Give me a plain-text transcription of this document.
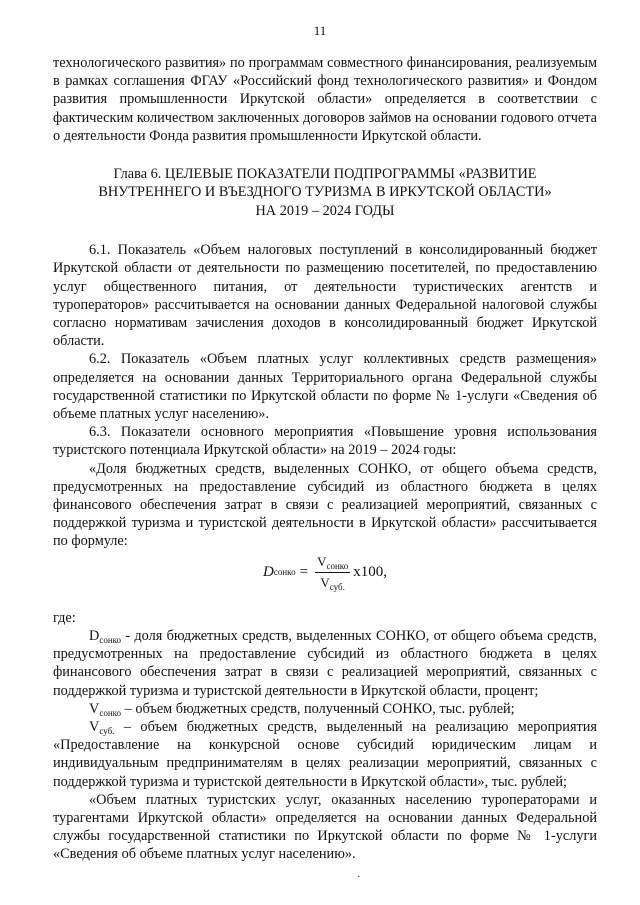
11

технологического развития» по программам совместного финансирования, реализуемым в рамках соглашения ФГАУ «Российский фонд технологического развития» и Фондом развития промышленности Иркутской области» определяется в соответствии с фактическим количеством заключенных договоров займов на основании годового отчета о деятельности Фонда развития промышленности Иркутской области.

Глава 6. ЦЕЛЕВЫЕ ПОКАЗАТЕЛИ ПОДПРОГРАММЫ «РАЗВИТИЕ
ВНУТРЕННЕГО И ВЪЕЗДНОГО ТУРИЗМА В ИРКУТСКОЙ ОБЛАСТИ»
НА 2019 – 2024 ГОДЫ

6.1. Показатель «Объем налоговых поступлений в консолидированный бюджет Иркутской области от деятельности по размещению посетителей, по предоставлению услуг общественного питания, от деятельности туристических агентств и туроператоров» рассчитывается на основании данных Федеральной налоговой службы согласно нормативам зачисления доходов в консолидированный бюджет Иркутской области.

6.2. Показатель «Объем платных услуг коллективных средств размещения» определяется на основании данных Территориального органа Федеральной службы государственной статистики по Иркутской области по форме № 1-услуги «Сведения об объеме платных услуг населению».

6.3. Показатели основного мероприятия «Повышение уровня использования туристского потенциала Иркутской области» на 2019 – 2024 годы:

«Доля бюджетных средств, выделенных СОНКО, от общего объема средств, предусмотренных на предоставление субсидий из областного бюджета в целях финансового обеспечения затрат в связи с реализацией мероприятий, связанных с поддержкой туризма и туристской деятельности в Иркутской области» рассчитывается по формуле:

D сонко = $\frac{V_{сонко}}{V_{суб.}} x100$,

где:

$D_{сонко}$ - доля бюджетных средств, выделенных СОНКО, от общего объема средств, предусмотренных на предоставление субсидий из областного бюджета в целях финансового обеспечения затрат в связи с реализацией мероприятий, связанных с поддержкой туризма и туристской деятельности в Иркутской области, процент;

$V_{сонко}$ – объем бюджетных средств, полученный СОНКО, тыс. рублей;

$V_{суб.}$ – объем бюджетных средств, выделенный на реализацию мероприятия «Предоставление на конкурсной основе субсидий юридическим лицам и индивидуальным предпринимателям в целях реализации мероприятий, связанных с поддержкой туризма и туристской деятельности в Иркутской области», тыс. рублей;

«Объем платных туристских услуг, оказанных населению туроператорами и турагентами Иркутской области» определяется на основании данных Федеральной службы государственной статистики по Иркутской области по форме № 1-услуги «Сведения об объеме платных услуг населению».

·
